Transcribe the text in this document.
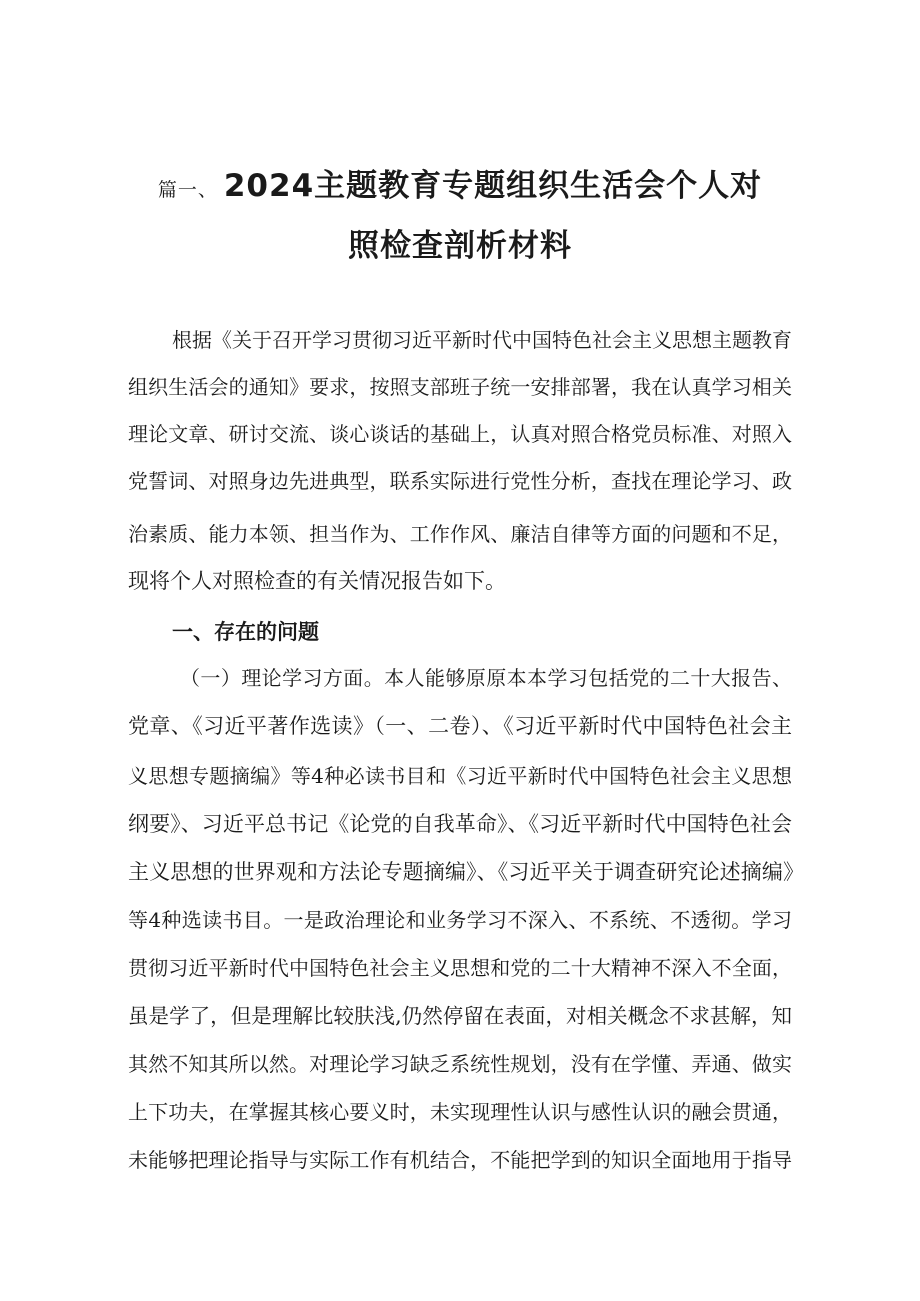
篇一、 2024主题教育专题组织生活会个人对
照检查剖析材料
根据《关于召开学习贯彻习近平新时代中国特色社会主义思想主题教育
组织生活会的通知》要求，按照支部班子统一安排部署，我在认真学习相关
理论文章、研讨交流、谈心谈话的基础上，认真对照合格党员标准、对照入
党誓词、对照身边先进典型，联系实际进行党性分析，查找在理论学习、政
治素质、能力本领、担当作为、工作作风、廉洁自律等方面的问题和不足，
现将个人对照检查的有关情况报告如下。
一、存在的问题
（一）理论学习方面。本人能够原原本本学习包括党的二十大报告、
党章、《习近平著作选读》（一、二卷）、《习近平新时代中国特色社会主
义思想专题摘编》等4种必读书目和《习近平新时代中国特色社会主义思想
纲要》、习近平总书记《论党的自我革命》、《习近平新时代中国特色社会
主义思想的世界观和方法论专题摘编》、《习近平关于调查研究论述摘编》
等4种选读书目。一是政治理论和业务学习不深入、不系统、不透彻。学习
贯彻习近平新时代中国特色社会主义思想和党的二十大精神不深入不全面，
虽是学了，但是理解比较肤浅,仍然停留在表面，对相关概念不求甚解，知
其然不知其所以然。对理论学习缺乏系统性规划，没有在学懂、弄通、做实
上下功夫，在掌握其核心要义时，未实现理性认识与感性认识的融会贯通，
未能够把理论指导与实际工作有机结合，不能把学到的知识全面地用于指导
